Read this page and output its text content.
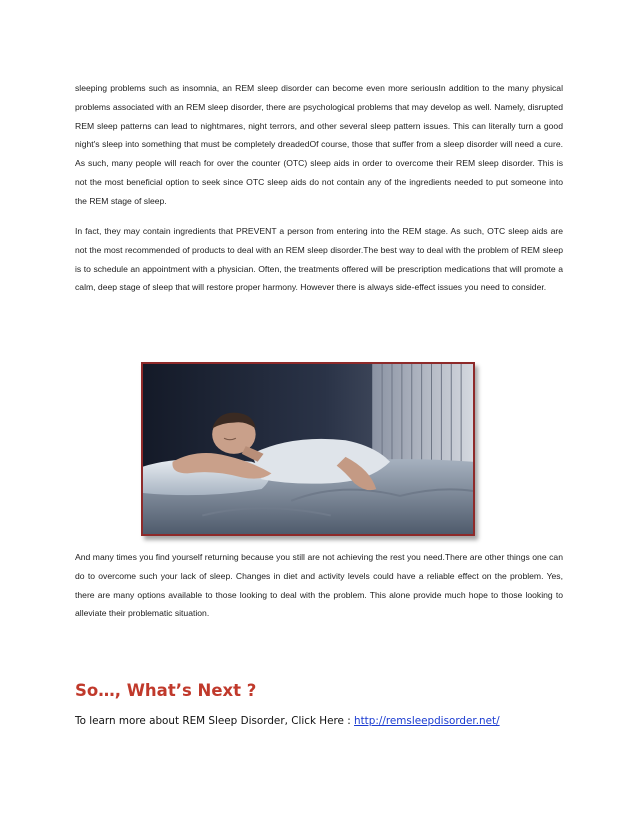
sleeping problems such as insomnia, an REM sleep disorder can become even more seriousIn addition to the many physical problems associated with an REM sleep disorder, there are psychological problems that may develop as well. Namely, disrupted REM sleep patterns can lead to nightmares, night terrors, and other several sleep pattern issues. This can literally turn a good night's sleep into something that must be completely dreadedOf course, those that suffer from a sleep disorder will need a cure. As such, many people will reach for over the counter (OTC) sleep aids in order to overcome their REM sleep disorder. This is not the most beneficial option to seek since OTC sleep aids do not contain any of the ingredients needed to put someone into the REM stage of sleep.

In fact, they may contain ingredients that PREVENT a person from entering into the REM stage. As such, OTC sleep aids are not the most recommended of products to deal with an REM sleep disorder.The best way to deal with the problem of REM sleep is to schedule an appointment with a physician. Often, the treatments offered will be prescription medications that will promote a calm, deep stage of sleep that will restore proper harmony. However there is always side-effect issues you need to consider.

And many times you find yourself returning because you still are not achieving the rest you need.There are other things one can do to overcome such your lack of sleep. Changes in diet and activity levels could have a reliable effect on the problem. Yes, there are many options available to those looking to deal with the problem. This alone provide much hope to those looking to alleviate their problematic situation.

So…, What’s Next ?

To learn more about REM Sleep Disorder, Click Here : http://remsleepdisorder.net/
